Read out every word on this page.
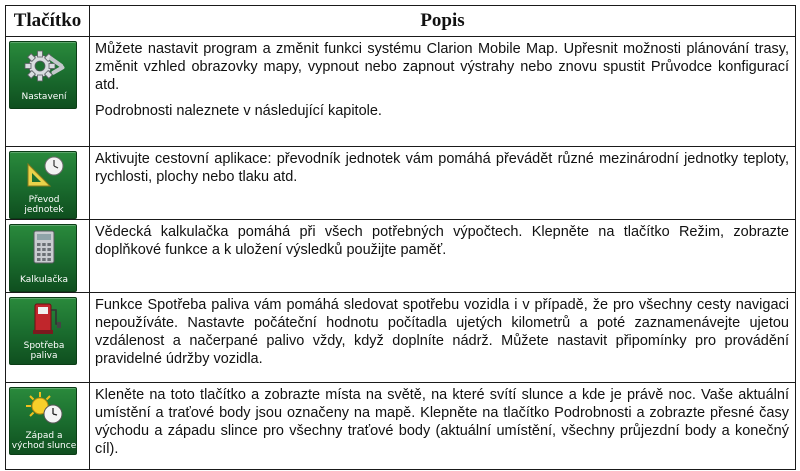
Tlačítko	Popis

Nastavení	Můžete nastavit program a změnit funkci systému Clarion Mobile Map. Upřesnit možnosti plánování trasy, změnit vzhled obrazovky mapy, vypnout nebo zapnout výstrahy nebo znovu spustit Průvodce konfigurací atd.

Podrobnosti naleznete v následující kapitole.

Převod
jednotek	Aktivujte cestovní aplikace: převodník jednotek vám pomáhá převádět různé mezinárodní jednotky teploty, rychlosti, plochy nebo tlaku atd.

Kalkulačka	Vědecká kalkulačka pomáhá při všech potřebných výpočtech. Klepněte na tlačítko Režim, zobrazte doplňkové funkce a k uložení výsledků použijte paměť.

Spotřeba
paliva	Funkce Spotřeba paliva vám pomáhá sledovat spotřebu vozidla i v případě, že pro všechny cesty navigaci nepoužíváte. Nastavte počáteční hodnotu počítadla ujetých kilometrů a poté zaznamenávejte ujetou vzdálenost a načerpané palivo vždy, když doplníte nádrž. Můžete nastavit připomínky pro provádění pravidelné údržby vozidla.

Západ a
východ slunce	Kleněte na toto tlačítko a zobrazte místa na světě, na které svítí slunce a kde je právě noc. Vaše aktuální umístění a traťové body jsou označeny na mapě. Klepněte na tlačítko Podrobnosti a zobrazte přesné časy východu a západu slince pro všechny traťové body (aktuální umístění, všechny průjezdní body a konečný cíl).
